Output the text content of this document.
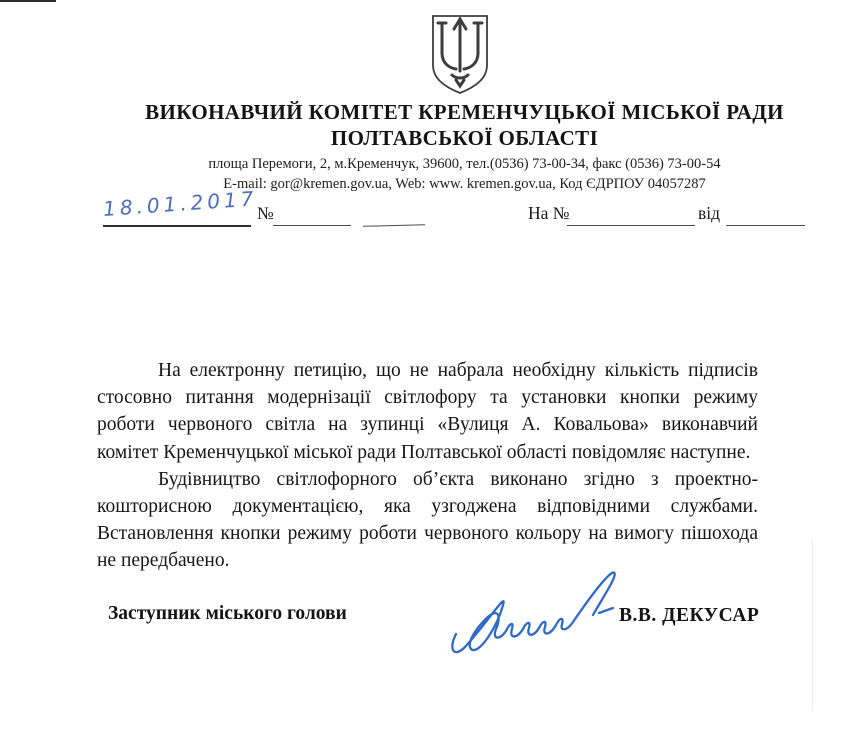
ВИКОНАВЧИЙ КОМІТЕТ КРЕМЕНЧУЦЬКОЇ МІСЬКОЇ РАДИ
ПОЛТАВСЬКОЇ ОБЛАСТІ
площа Перемоги, 2, м.Кременчук, 39600, тел.(0536) 73-00-34, факс (0536) 73-00-54
E-mail: gor@kremen.gov.ua, Web: www. kremen.gov.ua, Код ЄДРПОУ 04057287
18.01.2017
№	На №	від

На електронну петицію, що не набрала необхідну кількість підписів стосовно питання модернізації світлофору та установки кнопки режиму роботи червоного світла на зупинці «Вулиця А. Ковальова» виконавчий комітет Кременчуцької міської ради Полтавської області повідомляє наступне.

Будівництво світлофорного об’єкта виконано згідно з проектно-кошторисною документацією, яка узгоджена відповідними службами. Встановлення кнопки режиму роботи червоного кольору на вимогу пішохода не передбачено.

Заступник міського голови	В.В. ДЕКУСАР
